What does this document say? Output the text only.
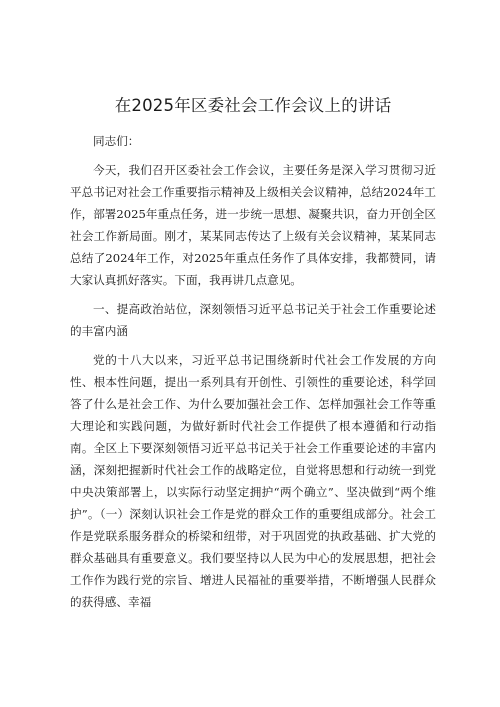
在2025年区委社会工作会议上的讲话

同志们：

今天，我们召开区委社会工作会议，主要任务是深入学习贯彻习近平总书记对社会工作重要指示精神及上级相关会议精神，总结2024年工作，部署2025年重点任务，进一步统一思想、凝聚共识，奋力开创全区社会工作新局面。刚才，某某同志传达了上级有关会议精神，某某同志总结了2024年工作，对2025年重点任务作了具体安排，我都赞同，请大家认真抓好落实。下面，我再讲几点意见。

一、提高政治站位，深刻领悟习近平总书记关于社会工作重要论述的丰富内涵

党的十八大以来，习近平总书记围绕新时代社会工作发展的方向性、根本性问题，提出一系列具有开创性、引领性的重要论述，科学回答了什么是社会工作、为什么要加强社会工作、怎样加强社会工作等重大理论和实践问题，为做好新时代社会工作提供了根本遵循和行动指南。全区上下要深刻领悟习近平总书记关于社会工作重要论述的丰富内涵，深刻把握新时代社会工作的战略定位，自觉将思想和行动统一到党中央决策部署上，以实际行动坚定拥护“两个确立”、坚决做到“两个维护”。（一）深刻认识社会工作是党的群众工作的重要组成部分。社会工作是党联系服务群众的桥梁和纽带，对于巩固党的执政基础、扩大党的群众基础具有重要意义。我们要坚持以人民为中心的发展思想，把社会工作作为践行党的宗旨、增进人民福祉的重要举措，不断增强人民群众的获得感、幸福
